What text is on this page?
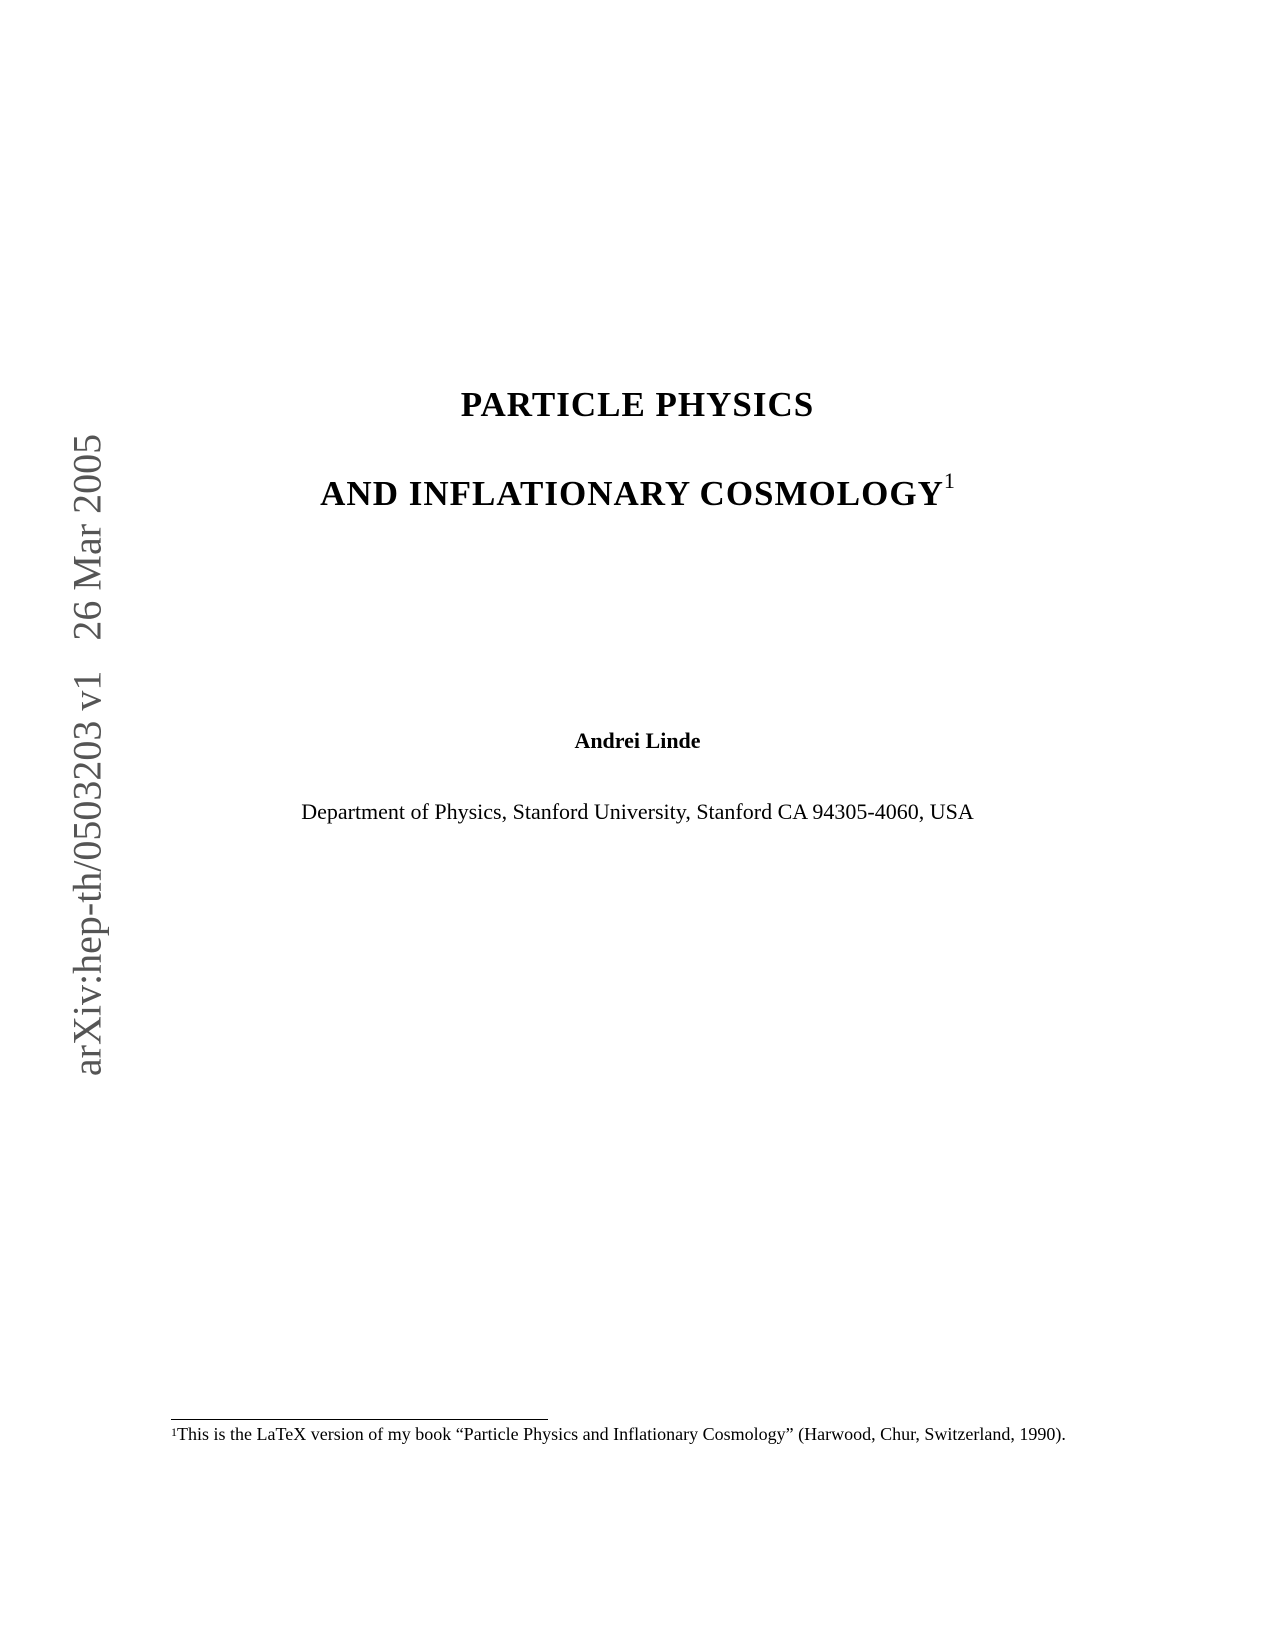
arXiv:hep-th/0503203 v126 Mar 2005
PARTICLE PHYSICS
AND INFLATIONARY COSMOLOGY$^1$
Andrei Linde
Department of Physics, Stanford University, Stanford CA 94305-4060, USA
$^1$This is the LaTeX version of my book “Particle Physics and Inflationary Cosmology” (Harwood, Chur, Switzerland, 1990).
